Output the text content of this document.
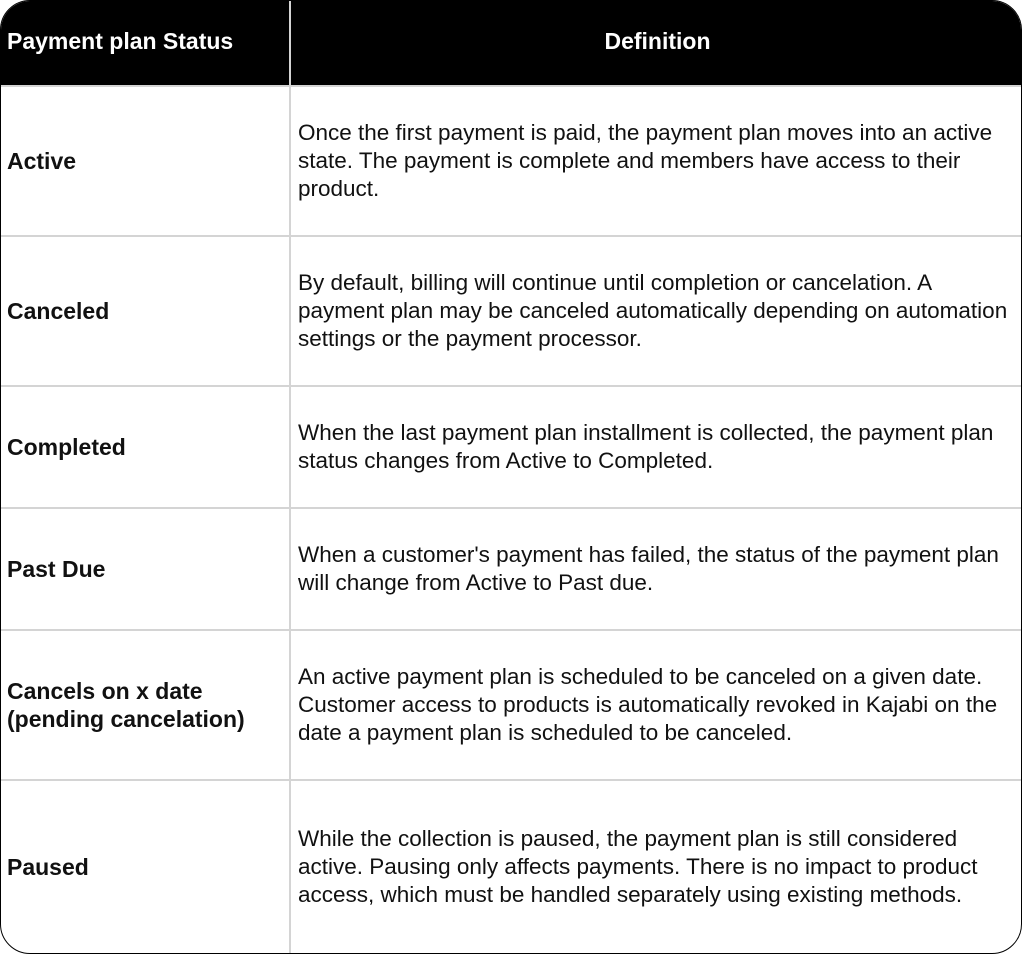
Payment plan Status	Definition
Active
Once the first payment is paid, the payment plan moves into an active state. The payment is complete and members have access to their product.
Canceled
By default, billing will continue until completion or cancelation. A payment plan may be canceled automatically depending on automation settings or the payment processor.
Completed
When the last payment plan installment is collected, the payment plan status changes from Active to Completed.
Past Due
When a customer's payment has failed, the status of the payment plan will change from Active to Past due.
Cancels on x date (pending cancelation)
An active payment plan is scheduled to be canceled on a given date. Customer access to products is automatically revoked in Kajabi on the date a payment plan is scheduled to be canceled.
Paused
While the collection is paused, the payment plan is still considered active. Pausing only affects payments. There is no impact to product access, which must be handled separately using existing methods.
